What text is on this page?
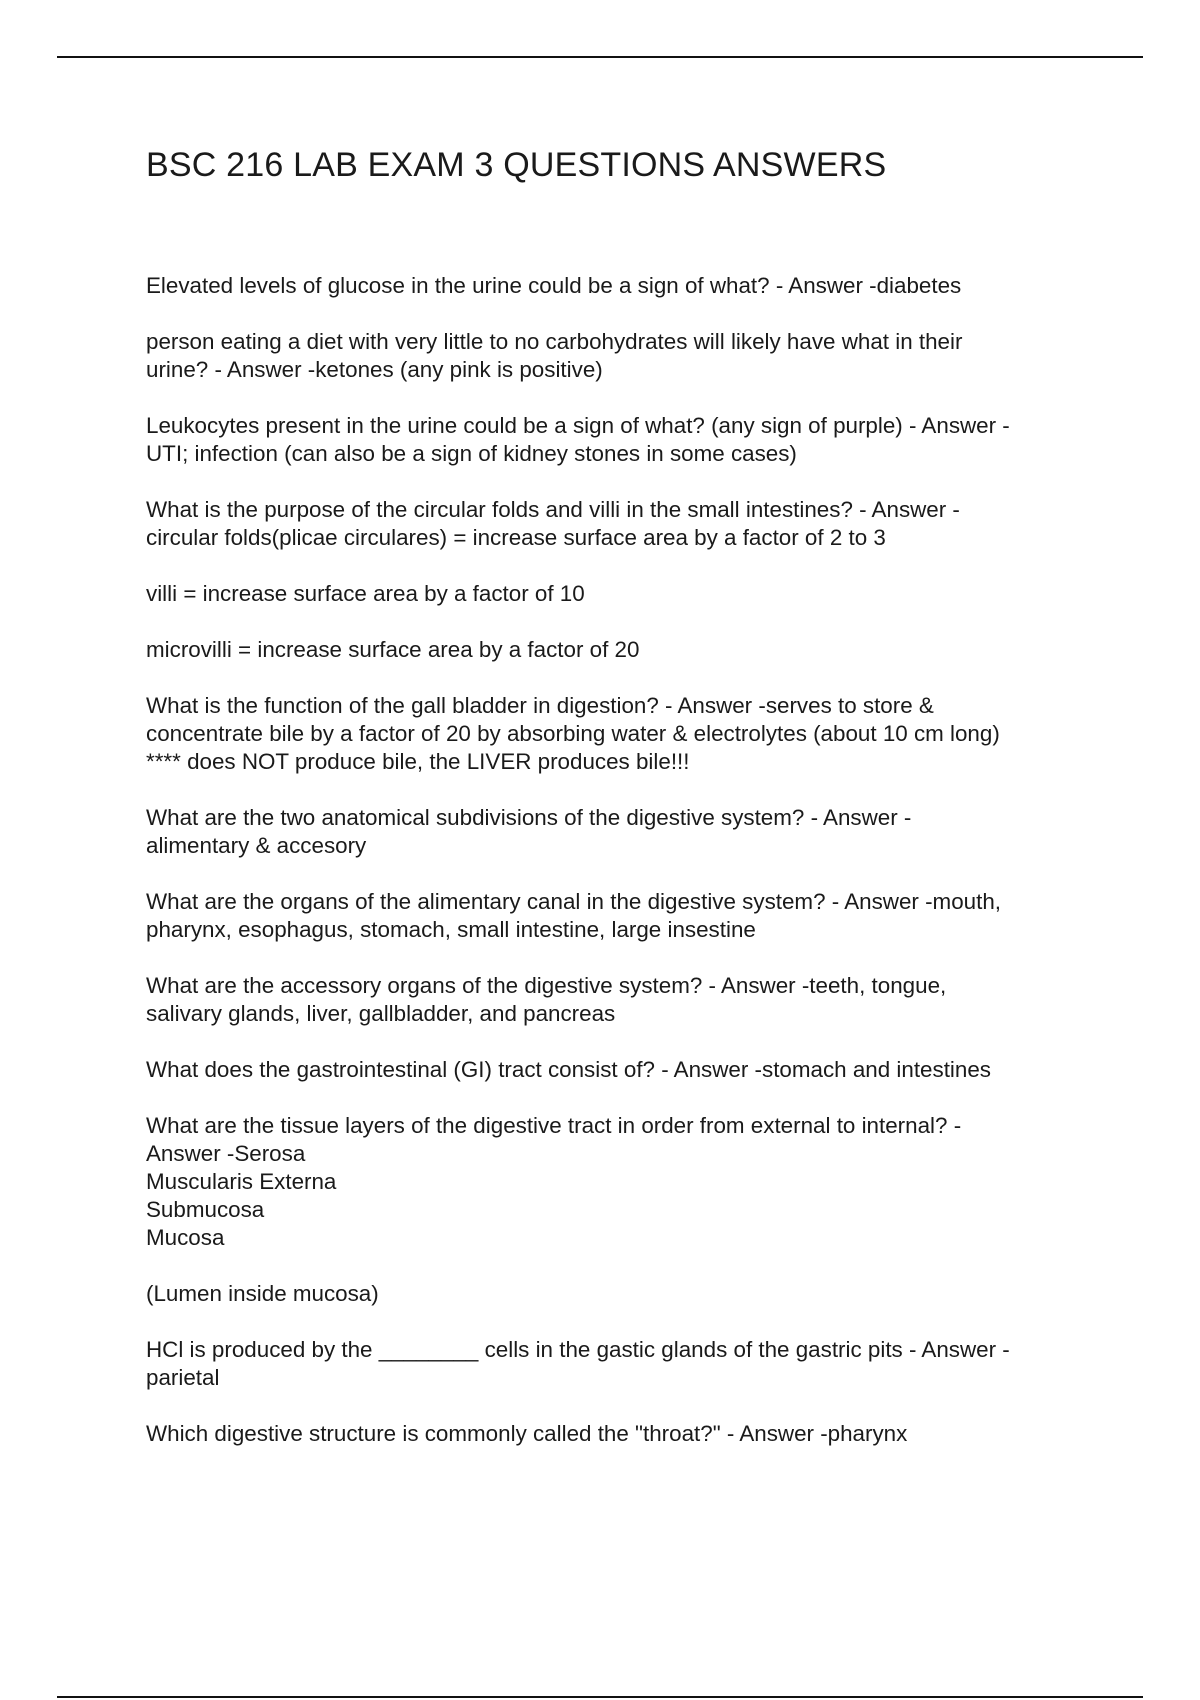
BSC 216 LAB EXAM 3 QUESTIONS ANSWERS

Elevated levels of glucose in the urine could be a sign of what? - Answer -diabetes

person eating a diet with very little to no carbohydrates will likely have what in their
urine? - Answer -ketones (any pink is positive)

Leukocytes present in the urine could be a sign of what? (any sign of purple) - Answer -
UTI; infection (can also be a sign of kidney stones in some cases)

What is the purpose of the circular folds and villi in the small intestines? - Answer -
circular folds(plicae circulares) = increase surface area by a factor of 2 to 3

villi = increase surface area by a factor of 10

microvilli = increase surface area by a factor of 20

What is the function of the gall bladder in digestion? - Answer -serves to store &
concentrate bile by a factor of 20 by absorbing water & electrolytes (about 10 cm long)
**** does NOT produce bile, the LIVER produces bile!!!

What are the two anatomical subdivisions of the digestive system? - Answer -
alimentary & accesory

What are the organs of the alimentary canal in the digestive system? - Answer -mouth,
pharynx, esophagus, stomach, small intestine, large insestine

What are the accessory organs of the digestive system? - Answer -teeth, tongue,
salivary glands, liver, gallbladder, and pancreas

What does the gastrointestinal (GI) tract consist of? - Answer -stomach and intestines

What are the tissue layers of the digestive tract in order from external to internal? -
Answer -Serosa
Muscularis Externa
Submucosa
Mucosa

(Lumen inside mucosa)

HCl is produced by the ________ cells in the gastic glands of the gastric pits - Answer -
parietal

Which digestive structure is commonly called the "throat?" - Answer -pharynx
